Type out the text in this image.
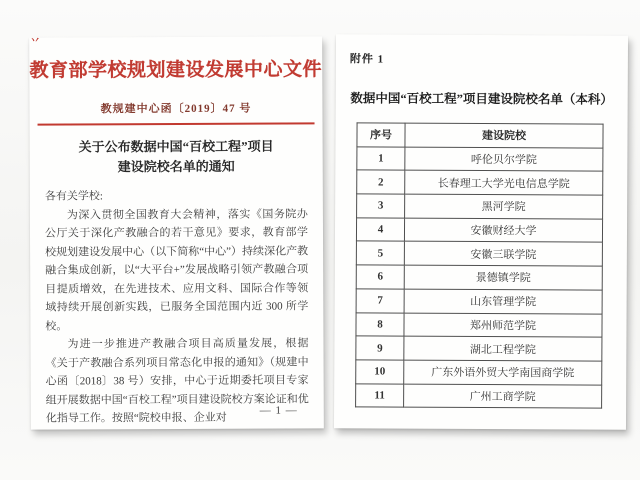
丷
教育部学校规划建设发展中心文件
教规建中心函〔2019〕47 号
关于公布数据中国“百校工程”项目
建设院校名单的通知

各有关学校:

为深入贯彻全国教育大会精神，落实《国务院办公厅关于深化产教融合的若干意见》要求，教育部学校规划建设发展中心（以下简称“中心”）持续深化产教融合集成创新，以“大平台+”发展战略引领产教融合项目提质增效，在先进技术、应用文科、国际合作等领域持续开展创新实践，已服务全国范围内近 300 所学校。

为进一步推进产教融合项目高质量发展，根据《关于产教融合系列项目常态化申报的通知》（规建中心函〔2018〕38 号）安排，中心于近期委托项目专家组开展数据中国“百校工程”项目建设院校方案论证和优化指导工作。按照“院校申报、企业对

— 1 —
附件 1
数据中国“百校工程”项目建设院校名单（本科）
序号	建设院校
1	呼伦贝尔学院
2	长春理工大学光电信息学院
3	黑河学院
4	安徽财经大学
5	安徽三联学院
6	景德镇学院
7	山东管理学院
8	郑州师范学院
9	湖北工程学院
10	广东外语外贸大学南国商学院
11	广州工商学院
